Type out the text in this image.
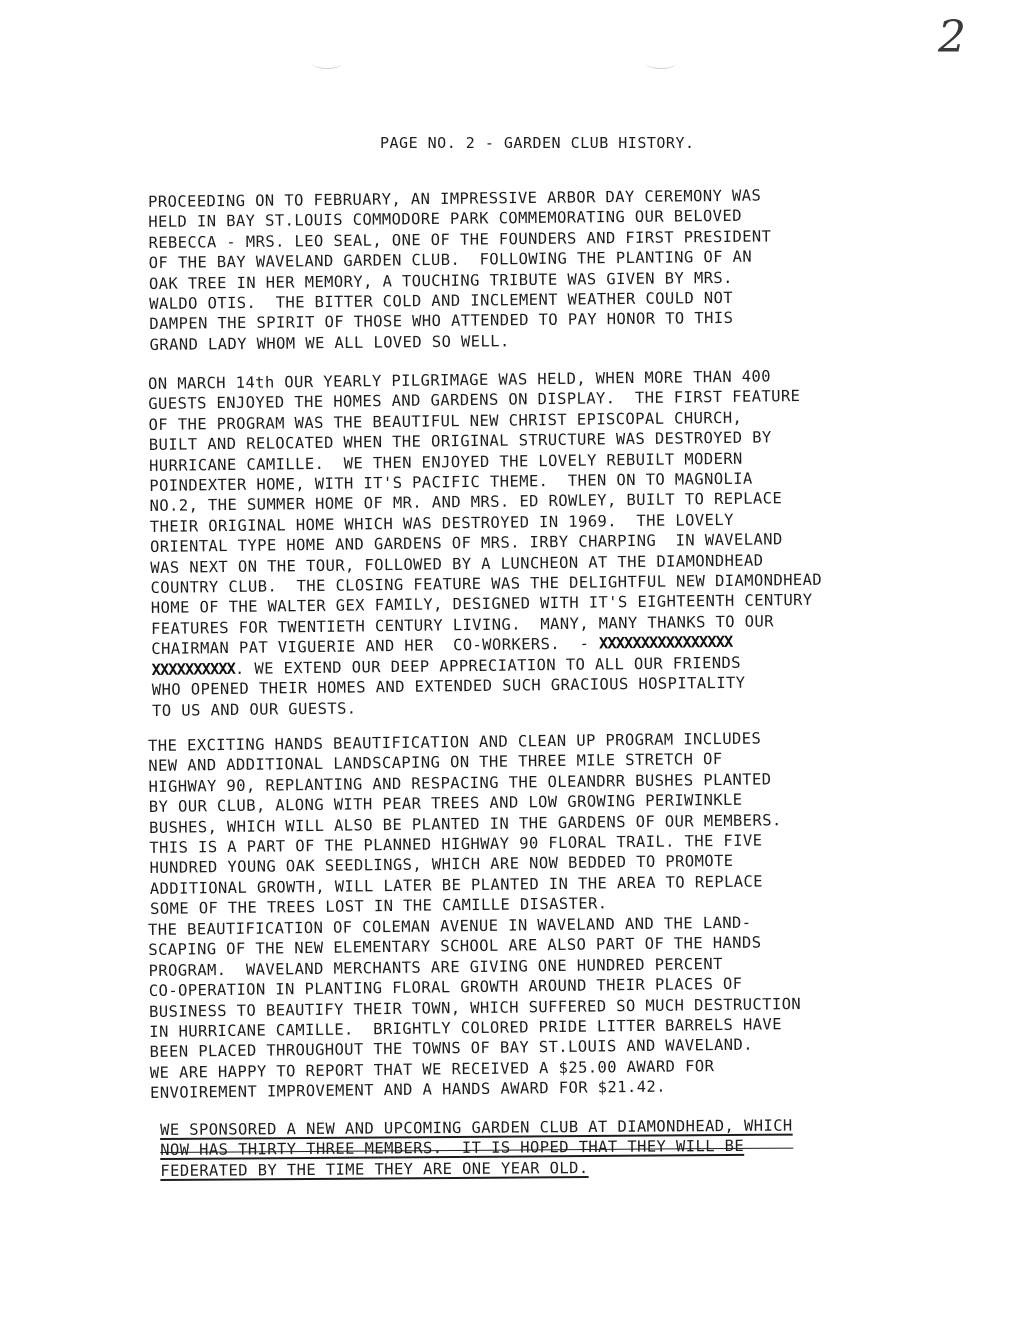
2
PAGE NO. 2 - GARDEN CLUB HISTORY.
PROCEEDING ON TO FEBRUARY, AN IMPRESSIVE ARBOR DAY CEREMONY WAS
HELD IN BAY ST.LOUIS COMMODORE PARK COMMEMORATING OUR BELOVED
REBECCA - MRS. LEO SEAL, ONE OF THE FOUNDERS AND FIRST PRESIDENT
OF THE BAY WAVELAND GARDEN CLUB.  FOLLOWING THE PLANTING OF AN
OAK TREE IN HER MEMORY, A TOUCHING TRIBUTE WAS GIVEN BY MRS.
WALDO OTIS.  THE BITTER COLD AND INCLEMENT WEATHER COULD NOT
DAMPEN THE SPIRIT OF THOSE WHO ATTENDED TO PAY HONOR TO THIS
GRAND LADY WHOM WE ALL LOVED SO WELL.
ON MARCH 14th OUR YEARLY PILGRIMAGE WAS HELD, WHEN MORE THAN 400
GUESTS ENJOYED THE HOMES AND GARDENS ON DISPLAY.  THE FIRST FEATURE
OF THE PROGRAM WAS THE BEAUTIFUL NEW CHRIST EPISCOPAL CHURCH,
BUILT AND RELOCATED WHEN THE ORIGINAL STRUCTURE WAS DESTROYED BY
HURRICANE CAMILLE.  WE THEN ENJOYED THE LOVELY REBUILT MODERN
POINDEXTER HOME, WITH IT'S PACIFIC THEME.  THEN ON TO MAGNOLIA
NO.2, THE SUMMER HOME OF MR. AND MRS. ED ROWLEY, BUILT TO REPLACE
THEIR ORIGINAL HOME WHICH WAS DESTROYED IN 1969.  THE LOVELY
ORIENTAL TYPE HOME AND GARDENS OF MRS. IRBY CHARPING  IN WAVELAND
WAS NEXT ON THE TOUR, FOLLOWED BY A LUNCHEON AT THE DIAMONDHEAD
COUNTRY CLUB.  THE CLOSING FEATURE WAS THE DELIGHTFUL NEW DIAMONDHEAD
HOME OF THE WALTER GEX FAMILY, DESIGNED WITH IT'S EIGHTEENTH CENTURY
FEATURES FOR TWENTIETH CENTURY LIVING.  MANY, MANY THANKS TO OUR
CHAIRMAN PAT VIGUERIE AND HER  CO-WORKERS.  - XXXXXXXXXXXXXXXX
XXXXXXXXXX. WE EXTEND OUR DEEP APPRECIATION TO ALL OUR FRIENDS
WHO OPENED THEIR HOMES AND EXTENDED SUCH GRACIOUS HOSPITALITY
TO US AND OUR GUESTS.
THE EXCITING HANDS BEAUTIFICATION AND CLEAN UP PROGRAM INCLUDES
NEW AND ADDITIONAL LANDSCAPING ON THE THREE MILE STRETCH OF
HIGHWAY 90, REPLANTING AND RESPACING THE OLEANDRR BUSHES PLANTED
BY OUR CLUB, ALONG WITH PEAR TREES AND LOW GROWING PERIWINKLE
BUSHES, WHICH WILL ALSO BE PLANTED IN THE GARDENS OF OUR MEMBERS.
THIS IS A PART OF THE PLANNED HIGHWAY 90 FLORAL TRAIL. THE FIVE
HUNDRED YOUNG OAK SEEDLINGS, WHICH ARE NOW BEDDED TO PROMOTE
ADDITIONAL GROWTH, WILL LATER BE PLANTED IN THE AREA TO REPLACE
SOME OF THE TREES LOST IN THE CAMILLE DISASTER.
THE BEAUTIFICATION OF COLEMAN AVENUE IN WAVELAND AND THE LAND-
SCAPING OF THE NEW ELEMENTARY SCHOOL ARE ALSO PART OF THE HANDS
PROGRAM.  WAVELAND MERCHANTS ARE GIVING ONE HUNDRED PERCENT
CO-OPERATION IN PLANTING FLORAL GROWTH AROUND THEIR PLACES OF
BUSINESS TO BEAUTIFY THEIR TOWN, WHICH SUFFERED SO MUCH DESTRUCTION
IN HURRICANE CAMILLE.  BRIGHTLY COLORED PRIDE LITTER BARRELS HAVE
BEEN PLACED THROUGHOUT THE TOWNS OF BAY ST.LOUIS AND WAVELAND.
WE ARE HAPPY TO REPORT THAT WE RECEIVED A $25.00 AWARD FOR
ENVOIREMENT IMPROVEMENT AND A HANDS AWARD FOR $21.42.
WE SPONSORED A NEW AND UPCOMING GARDEN CLUB AT DIAMONDHEAD, WHICH
NOW HAS THIRTY THREE MEMBERS.  IT IS HOPED THAT THEY WILL BE
FEDERATED BY THE TIME THEY ARE ONE YEAR OLD.
